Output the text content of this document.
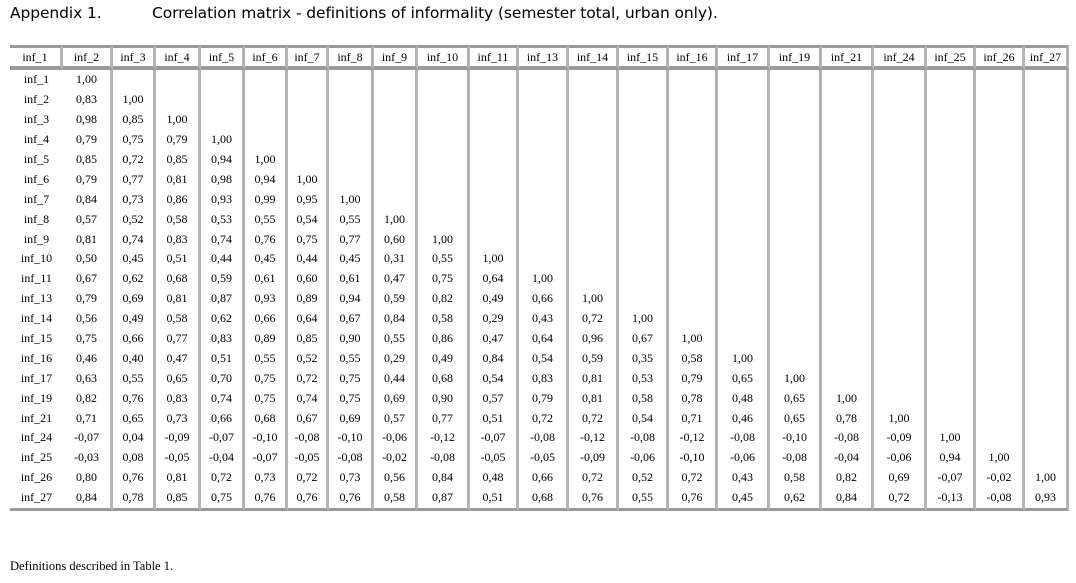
Appendix 1.	Correlation matrix - definitions of informality (semester total, urban only).
inf_1	inf_2	inf_3	inf_4	inf_5	inf_6	inf_7	inf_8	inf_9	inf_10	inf_11	inf_13	inf_14	inf_15	inf_16	inf_17	inf_19	inf_21	inf_24	inf_25	inf_26	inf_27
inf_1	1,00																				
inf_2	0,83	1,00																			
inf_3	0,98	0,85	1,00																		
inf_4	0,79	0,75	0,79	1,00																	
inf_5	0,85	0,72	0,85	0,94	1,00																
inf_6	0,79	0,77	0,81	0,98	0,94	1,00															
inf_7	0,84	0,73	0,86	0,93	0,99	0,95	1,00														
inf_8	0,57	0,52	0,58	0,53	0,55	0,54	0,55	1,00													
inf_9	0,81	0,74	0,83	0,74	0,76	0,75	0,77	0,60	1,00												
inf_10	0,50	0,45	0,51	0,44	0,45	0,44	0,45	0,31	0,55	1,00											
inf_11	0,67	0,62	0,68	0,59	0,61	0,60	0,61	0,47	0,75	0,64	1,00										
inf_13	0,79	0,69	0,81	0,87	0,93	0,89	0,94	0,59	0,82	0,49	0,66	1,00									
inf_14	0,56	0,49	0,58	0,62	0,66	0,64	0,67	0,84	0,58	0,29	0,43	0,72	1,00								
inf_15	0,75	0,66	0,77	0,83	0,89	0,85	0,90	0,55	0,86	0,47	0,64	0,96	0,67	1,00							
inf_16	0,46	0,40	0,47	0,51	0,55	0,52	0,55	0,29	0,49	0,84	0,54	0,59	0,35	0,58	1,00						
inf_17	0,63	0,55	0,65	0,70	0,75	0,72	0,75	0,44	0,68	0,54	0,83	0,81	0,53	0,79	0,65	1,00					
inf_19	0,82	0,76	0,83	0,74	0,75	0,74	0,75	0,69	0,90	0,57	0,79	0,81	0,58	0,78	0,48	0,65	1,00				
inf_21	0,71	0,65	0,73	0,66	0,68	0,67	0,69	0,57	0,77	0,51	0,72	0,72	0,54	0,71	0,46	0,65	0,78	1,00			
inf_24	-0,07	0,04	-0,09	-0,07	-0,10	-0,08	-0,10	-0,06	-0,12	-0,07	-0,08	-0,12	-0,08	-0,12	-0,08	-0,10	-0,08	-0,09	1,00		
inf_25	-0,03	0,08	-0,05	-0,04	-0,07	-0,05	-0,08	-0,02	-0,08	-0,05	-0,05	-0,09	-0,06	-0,10	-0,06	-0,08	-0,04	-0,06	0,94	1,00	
inf_26	0,80	0,76	0,81	0,72	0,73	0,72	0,73	0,56	0,84	0,48	0,66	0,72	0,52	0,72	0,43	0,58	0,82	0,69	-0,07	-0,02	1,00
inf_27	0,84	0,78	0,85	0,75	0,76	0,76	0,76	0,58	0,87	0,51	0,68	0,76	0,55	0,76	0,45	0,62	0,84	0,72	-0,13	-0,08	0,93
Definitions described in Table 1.
